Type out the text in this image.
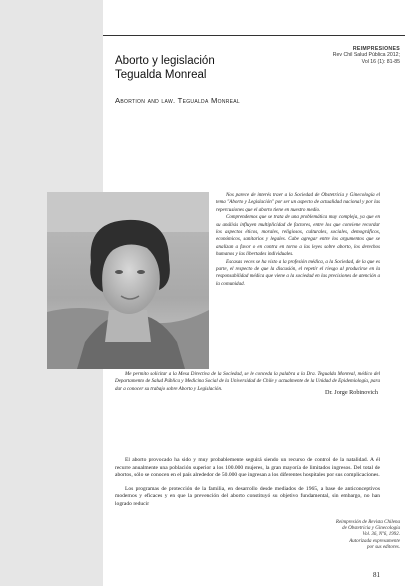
REIMPRESIONES
Rev Chil Salud Pública 2012;
Vol 16 (1): 81-85
Aborto y legislación
Tegualda Monreal
Abortion and law. Tegualda Monreal

Nos parece de interés traer a la Sociedad de Obstetricia y Ginecología el tema "Aborto y Legislación" por ser un aspecto de actualidad nacional y por las repercusiones que el aborto tiene en nuestro medio.

Comprendemos que se trata de una problemática muy compleja, ya que en su análisis influyen multiplicidad de factores, entre los que conviene recordar los aspectos éticos, morales, religiosos, culturales, sociales, demográficos, económicos, sanitarios y legales. Cabe agregar entre los argumentos que se analizan a favor o en contra en torno a las leyes sobre aborto, los derechos humanos y las libertades individuales.

Escasas veces se ha visto a la profesión médica, a la Sociedad, de la que es parte, el respecto de que la discusión, el repetir el riesgo al producirse en la responsabilidad médica que viene a la sociedad en las precisiones de atención a la comunidad.

Me permito solicitar a la Mesa Directiva de la Sociedad, se le conceda la palabra a la Dra. Tegualda Monreal, médico del Departamento de Salud Pública y Medicina Social de la Universidad de Chile y actualmente de la Unidad de Epidemiología, para dar a conocer su trabajo sobre Aborto y Legislación.

Dr. Jorge Robinovich

El aborto provocado ha sido y muy probablemente seguirá siendo un recurso de control de la natalidad. A él recurre anualmente una población superior a los 100.000 mujeres, la gran mayoría de limitados ingresos. Del total de abortos, sólo se conocen en el país alrededor de 50.000 que ingresan a los diferentes hospitales por sus complicaciones.

Los programas de protección de la familia, en desarrollo desde mediados de 1965, a base de anticonceptivos modernos y eficaces y en que la prevención del aborto constituyó su objetivo fundamental, sin embargo, no han logrado reducir

Reimpresión de Revista Chilena
de Obstetricia y Ginecología
Vol. 36, Nº6, 1992.
Autorizada expresamente
por sus editores.
81
